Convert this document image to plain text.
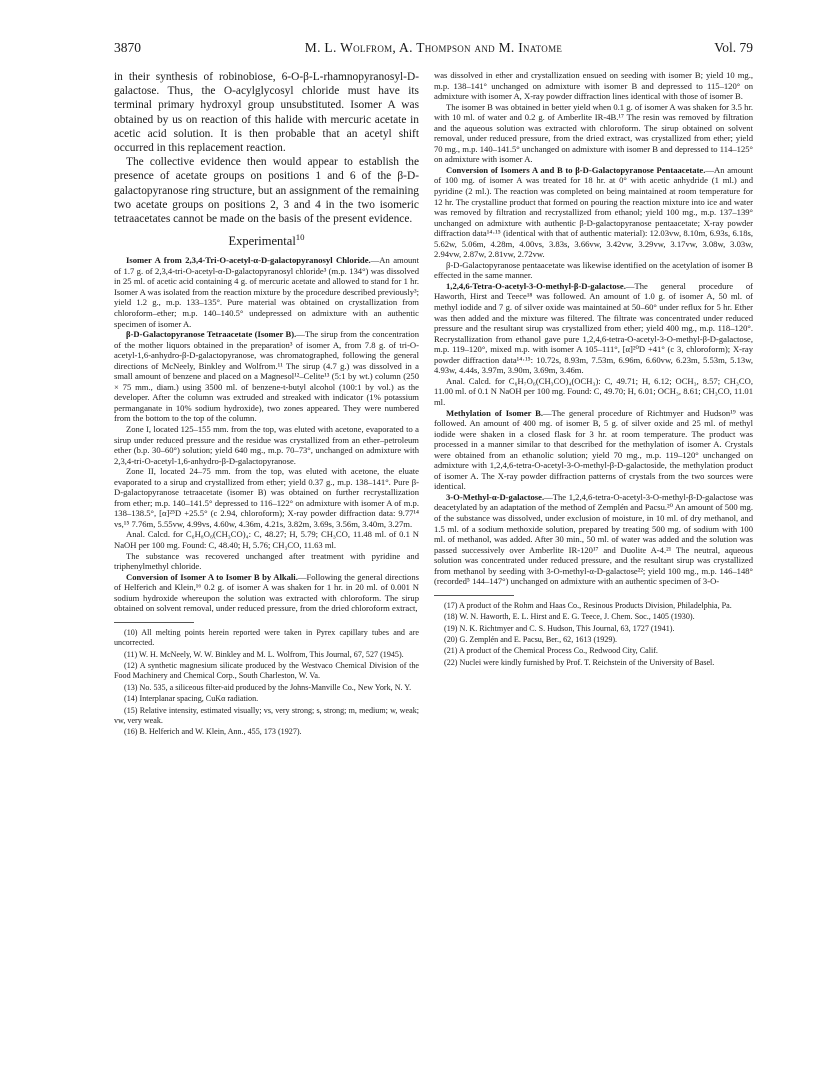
3870	M. L. Wolfrom, A. Thompson and M. Inatome	Vol. 79

in their synthesis of robinobiose, 6-O-β-L-rhamnopyranosyl-D-galactose. Thus, the O-acylglycosyl chloride must have its terminal primary hydroxyl group unsubstituted. Isomer A was obtained by us on reaction of this halide with mercuric acetate in acetic acid solution. It is then probable that an acetyl shift occurred in this replacement reaction.

The collective evidence then would appear to establish the presence of acetate groups on positions 1 and 6 of the β-D-galactopyranose ring structure, but an assignment of the remaining two acetate groups on positions 2, 3 and 4 in the two isomeric tetraacetates cannot be made on the basis of the present evidence.

Experimental$^{10}$

Isomer A from 2,3,4-Tri-O-acetyl-α-D-galactopyranosyl Chloride.—An amount of 1.7 g. of 2,3,4-tri-O-acetyl-α-D-galactopyranosyl chloride³ (m.p. 134°) was dissolved in 25 ml. of acetic acid containing 4 g. of mercuric acetate and allowed to stand for 1 hr. Isomer A was isolated from the reaction mixture by the procedure described previously³; yield 1.2 g., m.p. 133–135°. Pure material was obtained on crystallization from chloroform–ether; m.p. 140–140.5° undepressed on admixture with an authentic specimen of isomer A.

β-D-Galactopyranose Tetraacetate (Isomer B).—The sirup from the concentration of the mother liquors obtained in the preparation³ of isomer A, from 7.8 g. of tri-O-acetyl-1,6-anhydro-β-D-galactopyranose, was chromatographed, following the general directions of McNeely, Binkley and Wolfrom.¹¹ The sirup (4.7 g.) was dissolved in a small amount of benzene and placed on a Magnesol¹²–Celite¹³ (5:1 by wt.) column (250 × 75 mm., diam.) using 3500 ml. of benzene-t-butyl alcohol (100:1 by vol.) as the developer. After the column was extruded and streaked with indicator (1% potassium permanganate in 10% sodium hydroxide), two zones appeared. They were numbered from the bottom to the top of the column.

Zone I, located 125–155 mm. from the top, was eluted with acetone, evaporated to a sirup under reduced pressure and the residue was crystallized from an ether–petroleum ether (b.p. 30–60°) solution; yield 640 mg., m.p. 70–73°, unchanged on admixture with 2,3,4-tri-O-acetyl-1,6-anhydro-β-D-galactopyranose.

Zone II, located 24–75 mm. from the top, was eluted with acetone, the eluate evaporated to a sirup and crystallized from ether; yield 0.37 g., m.p. 138–141°. Pure β-D-galactopyranose tetraacetate (isomer B) was obtained on further recrystallization from ether; m.p. 140–141.5° depressed to 116–122° on admixture with isomer A of m.p. 138–138.5°, [α]²⁵D +25.5° (c 2.94, chloroform); X-ray powder diffraction data: 9.77¹⁴ vs,¹⁵ 7.76m, 5.55vw, 4.99vs, 4.60w, 4.36m, 4.21s, 3.82m, 3.69s, 3.56m, 3.40m, 3.27m.

Anal. Calcd. for C₆H₈O₆(CH₃CO)₄: C, 48.27; H, 5.79; CH₃CO, 11.48 ml. of 0.1 N NaOH per 100 mg. Found: C, 48.40; H, 5.76; CH₃CO, 11.63 ml.

The substance was recovered unchanged after treatment with pyridine and triphenylmethyl chloride.

Conversion of Isomer A to Isomer B by Alkali.—Following the general directions of Helferich and Klein,¹⁶ 0.2 g. of isomer A was shaken for 1 hr. in 20 ml. of 0.001 N sodium hydroxide whereupon the solution was extracted with chloroform. The sirup obtained on solvent removal, under reduced pressure, from the dried chloroform extract,

(10) All melting points herein reported were taken in Pyrex capillary tubes and are uncorrected.

(11) W. H. McNeely, W. W. Binkley and M. L. Wolfrom, This Journal, 67, 527 (1945).

(12) A synthetic magnesium silicate produced by the Westvaco Chemical Division of the Food Machinery and Chemical Corp., South Charleston, W. Va.

(13) No. 535, a siliceous filter-aid produced by the Johns-Manville Co., New York, N. Y.

(14) Interplanar spacing, CuKα radiation.

(15) Relative intensity, estimated visually; vs, very strong; s, strong; m, medium; w, weak; vw, very weak.

(16) B. Helferich and W. Klein, Ann., 455, 173 (1927).

was dissolved in ether and crystallization ensued on seeding with isomer B; yield 10 mg., m.p. 138–141° unchanged on admixture with isomer B and depressed to 115–120° on admixture with isomer A, X-ray powder diffraction lines identical with those of isomer B.

The isomer B was obtained in better yield when 0.1 g. of isomer A was shaken for 3.5 hr. with 10 ml. of water and 0.2 g. of Amberlite IR-4B.¹⁷ The resin was removed by filtration and the aqueous solution was extracted with chloroform. The sirup obtained on solvent removal, under reduced pressure, from the dried extract, was crystallized from ether; yield 70 mg., m.p. 140–141.5° unchanged on admixture with isomer B and depressed to 114–125° on admixture with isomer A.

Conversion of Isomers A and B to β-D-Galactopyranose Pentaacetate.—An amount of 100 mg. of isomer A was treated for 18 hr. at 0° with acetic anhydride (1 ml.) and pyridine (2 ml.). The reaction was completed on being maintained at room temperature for 12 hr. The crystalline product that formed on pouring the reaction mixture into ice and water was removed by filtration and recrystallized from ethanol; yield 100 mg., m.p. 137–139° unchanged on admixture with authentic β-D-galactopyranose pentaacetate; X-ray powder diffraction data¹⁴·¹⁵ (identical with that of authentic material): 12.03vw, 8.10m, 6.93s, 6.18s, 5.62w, 5.06m, 4.28m, 4.00vs, 3.83s, 3.66vw, 3.42vw, 3.29vw, 3.17vw, 3.08w, 3.03w, 2.94vw, 2.87w, 2.81vw, 2.72vw.

β-D-Galactopyranose pentaacetate was likewise identified on the acetylation of isomer B effected in the same manner.

1,2,4,6-Tetra-O-acetyl-3-O-methyl-β-D-galactose.—The general procedure of Haworth, Hirst and Teece¹⁸ was followed. An amount of 1.0 g. of isomer A, 50 ml. of methyl iodide and 7 g. of silver oxide was maintained at 50–60° under reflux for 5 hr. Ether was then added and the mixture was filtered. The filtrate was concentrated under reduced pressure and the resultant sirup was crystallized from ether; yield 400 mg., m.p. 118–120°. Recrystallization from ethanol gave pure 1,2,4,6-tetra-O-acetyl-3-O-methyl-β-D-galactose, m.p. 119–120°, mixed m.p. with isomer A 105–111°, [α]²⁰D +41° (c 3, chloroform); X-ray powder diffraction data¹⁴·¹⁵: 10.72s, 8.93m, 7.53m, 6.96m, 6.60vw, 6.23m, 5.53m, 5.13w, 4.93w, 4.44s, 3.97m, 3.90m, 3.69m, 3.46m.

Anal. Calcd. for C₆H₇O₆(CH₃CO)₄(OCH₃): C, 49.71; H, 6.12; OCH₃, 8.57; CH₃CO, 11.00 ml. of 0.1 N NaOH per 100 mg. Found: C, 49.70; H, 6.01; OCH₃, 8.61; CH₃CO, 11.01 ml.

Methylation of Isomer B.—The general procedure of Richtmyer and Hudson¹⁹ was followed. An amount of 400 mg. of isomer B, 5 g. of silver oxide and 25 ml. of methyl iodide were shaken in a closed flask for 3 hr. at room temperature. The product was processed in a manner similar to that described for the methylation of isomer A. Crystals were obtained from an ethanolic solution; yield 70 mg., m.p. 119–120° unchanged on admixture with 1,2,4,6-tetra-O-acetyl-3-O-methyl-β-D-galactoside, the methylation product of isomer A. The X-ray powder diffraction patterns of crystals from the two sources were identical.

3-O-Methyl-α-D-galactose.—The 1,2,4,6-tetra-O-acetyl-3-O-methyl-β-D-galactose was deacetylated by an adaptation of the method of Zemplén and Pacsu.²⁰ An amount of 500 mg. of the substance was dissolved, under exclusion of moisture, in 10 ml. of dry methanol, and 1.5 ml. of a sodium methoxide solution, prepared by treating 500 mg. of sodium with 100 ml. of methanol, was added. After 30 min., 50 ml. of water was added and the solution was passed successively over Amberlite IR-120¹⁷ and Duolite A-4.²¹ The neutral, aqueous solution was concentrated under reduced pressure, and the resultant sirup was crystallized from methanol by seeding with 3-O-methyl-α-D-galactose²²; yield 100 mg., m.p. 146–148° (recorded⁵ 144–147°) unchanged on admixture with an authentic specimen of 3-O-

(17) A product of the Rohm and Haas Co., Resinous Products Division, Philadelphia, Pa.

(18) W. N. Haworth, E. L. Hirst and E. G. Teece, J. Chem. Soc., 1405 (1930).

(19) N. K. Richtmyer and C. S. Hudson, This Journal, 63, 1727 (1941).

(20) G. Zemplén and E. Pacsu, Ber., 62, 1613 (1929).

(21) A product of the Chemical Process Co., Redwood City, Calif.

(22) Nuclei were kindly furnished by Prof. T. Reichstein of the University of Basel.
